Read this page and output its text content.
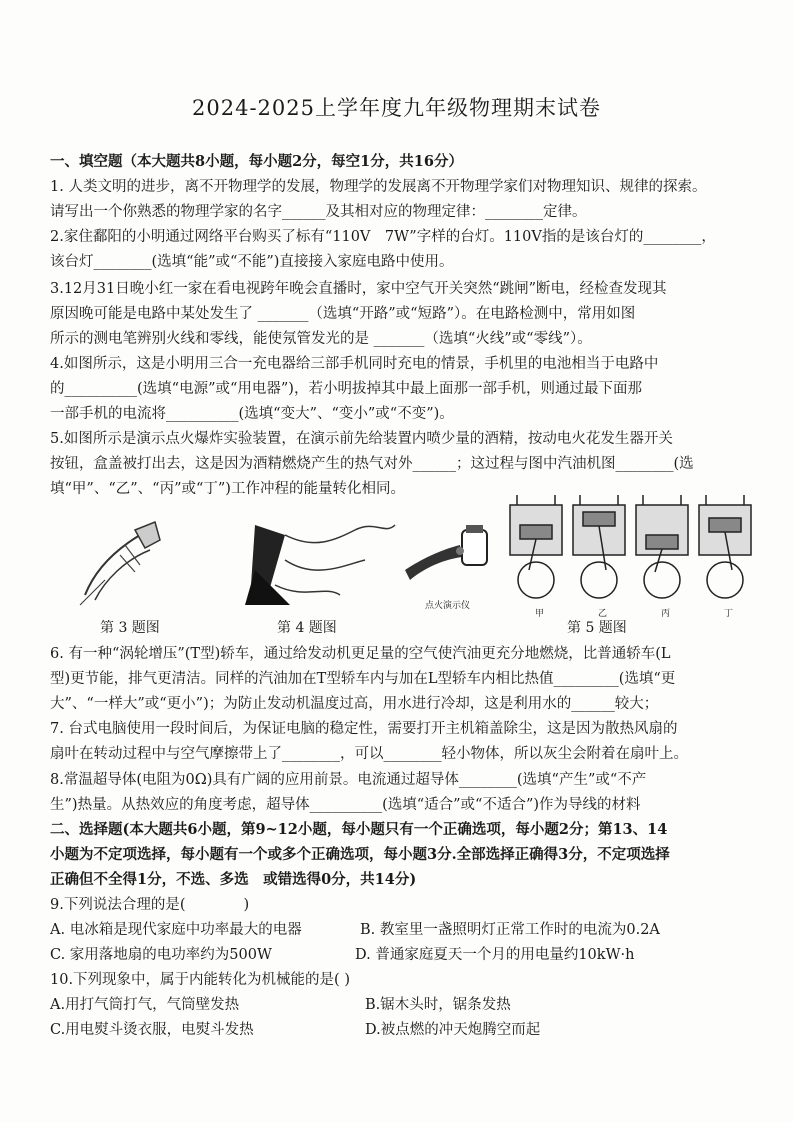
2024-2025上学年度九年级物理期末试卷
一、填空题（本大题共8小题，每小题2分，每空1分，共16分）
1. 人类文明的进步，离不开物理学的发展，物理学的发展离不开物理学家们对物理知识、规律的探索。
请写出一个你熟悉的物理学家的名字______及其相对应的物理定律：________定律。
2.家住鄱阳的小明通过网络平台购买了标有“110V　7W”字样的台灯。110V指的是该台灯的________，
该台灯________(选填“能”或“不能”)直接接入家庭电路中使用。
3.12月31日晚小红一家在看电视跨年晚会直播时，家中空气开关突然“跳闸”断电，经检查发现其
原因晚可能是电路中某处发生了 _______（选填“开路”或“短路”）。在电路检测中，常用如图
所示的测电笔辨别火线和零线，能使氖管发光的是 _______（选填“火线”或“零线”）。
4.如图所示，这是小明用三合一充电器给三部手机同时充电的情景，手机里的电池相当于电路中
的__________(选填“电源”或“用电器”)，若小明拔掉其中最上面那一部手机，则通过最下面那
一部手机的电流将__________(选填“变大”、“变小”或“不变”)。
5.如图所示是演示点火爆炸实验装置，在演示前先给装置内喷少量的酒精，按动电火花发生器开关
按钮，盒盖被打出去，这是因为酒精燃烧产生的热气对外______；这过程与图中汽油机图________(选
填“甲”、“乙”、“丙”或“丁”)工作冲程的能量转化相同。
点火演示仪
甲	乙	丙	丁
第 3 题图	第 4 题图	第 5 题图
6. 有一种“涡轮增压”(T型)轿车，通过给发动机更足量的空气使汽油更充分地燃烧，比普通轿车(L
型)更节能，排气更清洁。同样的汽油加在T型轿车内与加在L型轿车内相比热值_________(选填“更
大”、“一样大”或“更小”)；为防止发动机温度过高，用水进行冷却，这是利用水的______较大；
7. 台式电脑使用一段时间后，为保证电脑的稳定性，需要打开主机箱盖除尘，这是因为散热风扇的
扇叶在转动过程中与空气摩擦带上了________，可以________轻小物体，所以灰尘会附着在扇叶上。
8.常温超导体(电阻为0Ω)具有广阔的应用前景。电流通过超导体________(选填“产生”或“不产
生”)热量。从热效应的角度考虑，超导体__________(选填“适合”或“不适合”)作为导线的材料
二、选择题(本大题共6小题，第9~12小题，每小题只有一个正确选项，每小题2分；第13、14
小题为不定项选择，每小题有一个或多个正确选项，每小题3分.全部选择正确得3分，不定项选择
正确但不全得1分，不选、多选　或错选得0分，共14分)
9.下列说法合理的是(　　　　)
A. 电冰箱是现代家庭中功率最大的电器	B. 教室里一盏照明灯正常工作时的电流为0.2A
C. 家用落地扇的电功率约为500W	D. 普通家庭夏天一个月的用电量约10kW·h
10.下列现象中，属于内能转化为机械能的是( )
A.用打气筒打气，气筒壁发热	B.锯木头时，锯条发热
C.用电熨斗烫衣服，电熨斗发热	D.被点燃的冲天炮腾空而起
